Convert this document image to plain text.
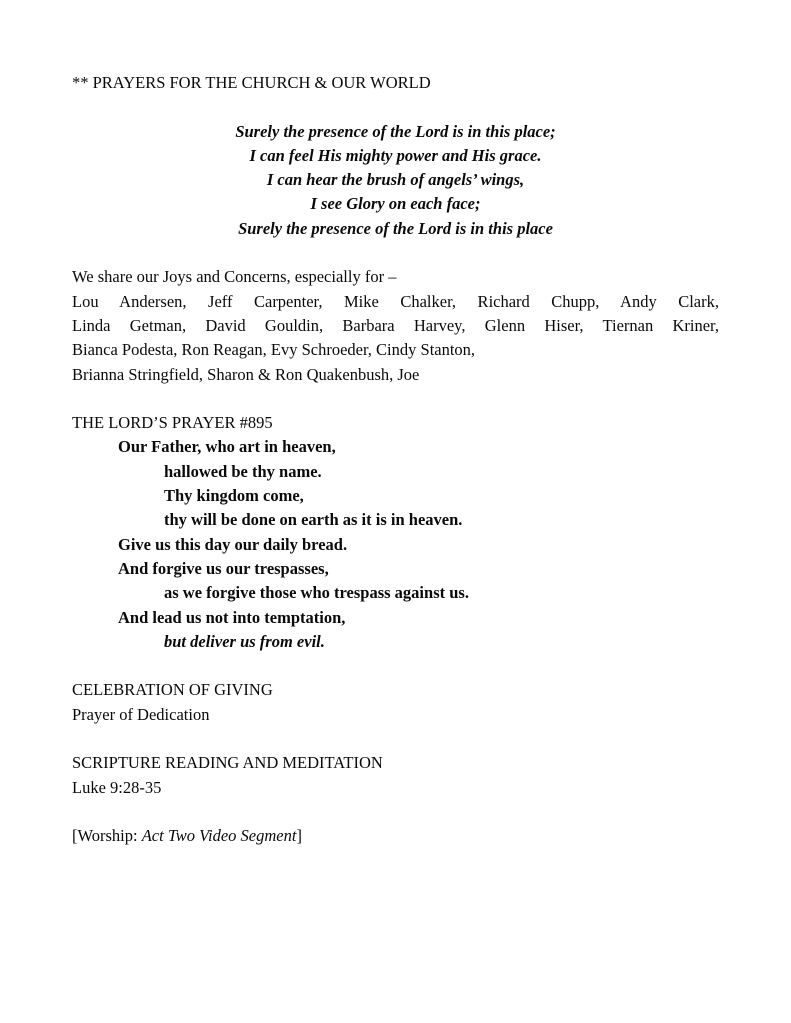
** PRAYERS FOR THE CHURCH & OUR WORLD
Surely the presence of the Lord is in this place;
I can feel His mighty power and His grace.
I can hear the brush of angels’ wings,
I see Glory on each face;
Surely the presence of the Lord is in this place
We share our Joys and Concerns, especially for –
Lou Andersen, Jeff Carpenter, Mike Chalker, Richard Chupp, Andy Clark,
Linda Getman, David Gouldin, Barbara Harvey, Glenn Hiser, Tiernan Kriner,
Bianca Podesta, Ron Reagan, Evy Schroeder, Cindy Stanton,
Brianna Stringfield, Sharon & Ron Quakenbush, Joe
THE LORD’S PRAYER #895
Our Father, who art in heaven,
hallowed be thy name.
Thy kingdom come,
thy will be done on earth as it is in heaven.
Give us this day our daily bread.
And forgive us our trespasses,
as we forgive those who trespass against us.
And lead us not into temptation,
but deliver us from evil.
CELEBRATION OF GIVING
Prayer of Dedication
SCRIPTURE READING AND MEDITATION
Luke 9:28-35
[Worship: Act Two Video Segment]
